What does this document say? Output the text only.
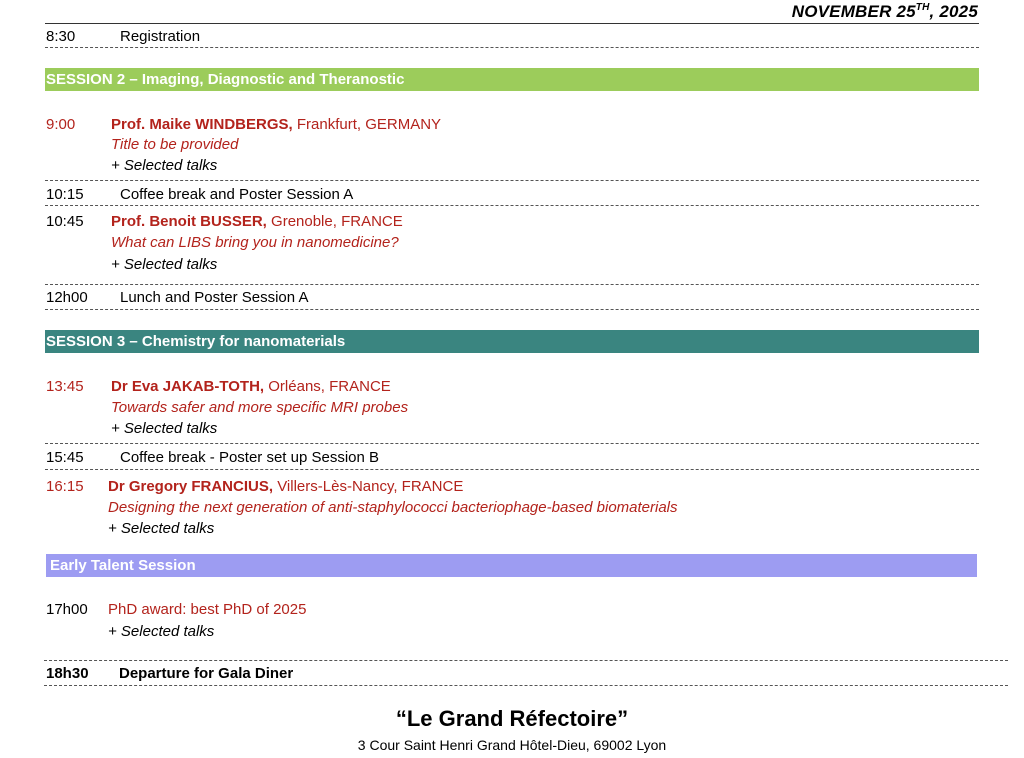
NOVEMBER 25TH, 2025
8:30	Registration
SESSION 2 – Imaging, Diagnostic and Theranostic
9:00 Prof. Maike WINDBERGS, Frankfurt, GERMANY
Title to be provided
+ Selected talks
10:15 Coffee break and Poster Session A
10:45 Prof. Benoit BUSSER, Grenoble, FRANCE
What can LIBS bring you in nanomedicine?
+ Selected talks
12h00 Lunch and Poster Session A
SESSION 3 – Chemistry for nanomaterials
13:45 Dr Eva JAKAB-TOTH, Orléans, FRANCE
Towards safer and more specific MRI probes
+ Selected talks
15:45 Coffee break - Poster set up Session B
16:15 Dr Gregory FRANCIUS, Villers-Lès-Nancy, FRANCE
Designing the next generation of anti-staphylococci bacteriophage-based biomaterials
+ Selected talks
Early Talent Session
17h00 PhD award: best PhD of 2025
+ Selected talks
18h30 Departure for Gala Diner
“Le Grand Réfectoire”
3 Cour Saint Henri Grand Hôtel-Dieu, 69002 Lyon
